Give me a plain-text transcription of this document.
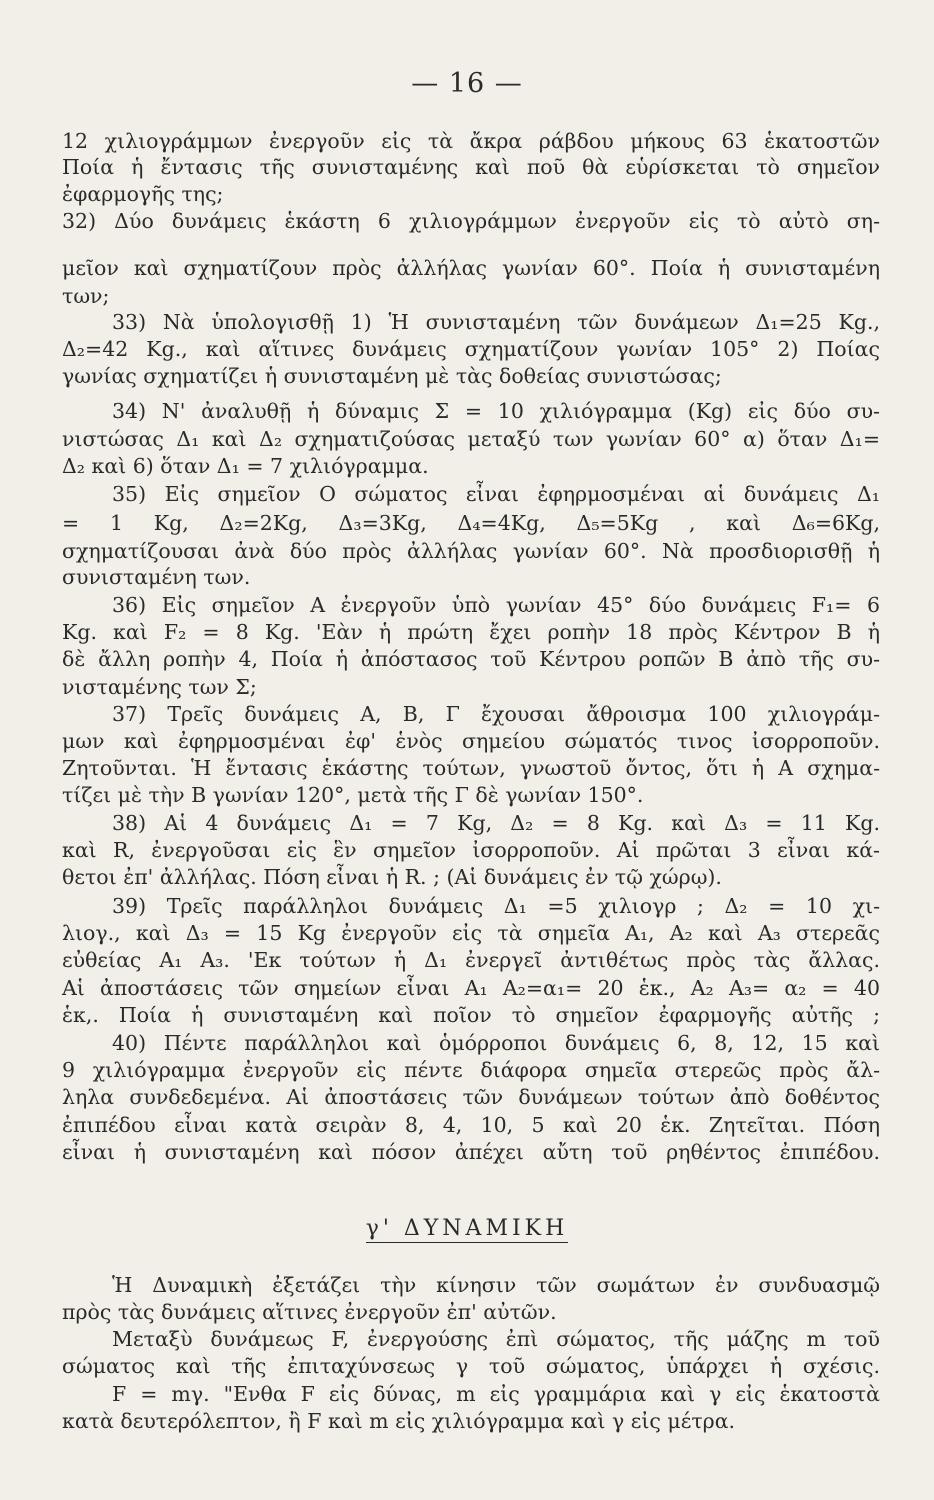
— 16 —
12 χιλιογράμμων ἐνεργοῦν εἰς τὰ ἄκρα ράβδου μήκους 63 ἑκατοστῶν
Ποία ἡ ἔντασις τῆς συνισταμένης καὶ ποῦ θὰ εὑρίσκεται τὸ σημεῖον
ἐφαρμογῆς της;
32) Δύο δυνάμεις ἑκάστη 6 χιλιογράμμων ἐνεργοῦν εἰς τὸ αὐτὸ ση-
μεῖον καὶ σχηματίζουν πρὸς ἀλλήλας γωνίαν 60°. Ποία ἡ συνισταμένη
των;
33) Νὰ ὑπολογισθῇ 1) Ἡ συνισταμένη τῶν δυνάμεων Δ₁=25 Kg.,
Δ₂=42 Kg., καὶ αἵτινες δυνάμεις σχηματίζουν γωνίαν 105° 2) Ποίας
γωνίας σχηματίζει ἡ συνισταμένη μὲ τὰς δοθείας συνιστώσας;
34) Ν' ἀναλυθῇ ἡ δύναμις Σ = 10 χιλιόγραμμα (Kg) εἰς δύο συ-
νιστώσας Δ₁ καὶ Δ₂ σχηματιζούσας μεταξύ των γωνίαν 60° α) ὅταν Δ₁=
Δ₂ καὶ 6) ὅταν Δ₁ = 7 χιλιόγραμμα.
35) Εἰς σημεῖον Ο σώματος εἶναι ἐφηρμοσμέναι αἱ δυνάμεις Δ₁
= 1 Kg, Δ₂=2Kg, Δ₃=3Kg, Δ₄=4Kg, Δ₅=5Kg , καὶ Δ₆=6Kg,
σχηματίζουσαι ἀνὰ δύο πρὸς ἀλλήλας γωνίαν 60°. Νὰ προσδιορισθῇ ἡ
συνισταμένη των.
36) Εἰς σημεῖον Α ἐνεργοῦν ὑπὸ γωνίαν 45° δύο δυνάμεις F₁= 6
Kg. καὶ F₂ = 8 Kg. 'Εὰν ἡ πρώτη ἔχει ροπὴν 18 πρὸς Κέντρον Β ἡ
δὲ ἄλλη ροπὴν 4, Ποία ἡ ἀπόστασος τοῦ Κέντρου ροπῶν Β ἀπὸ τῆς συ-
νισταμένης των Σ;
37) Τρεῖς δυνάμεις Α, Β, Γ ἔχουσαι ἄθροισμα 100 χιλιογράμ-
μων καὶ ἐφηρμοσμέναι ἐφ' ἑνὸς σημείου σώματός τινος ἰσορροποῦν.
Ζητοῦνται. Ἡ ἔντασις ἑκάστης τούτων, γνωστοῦ ὄντος, ὅτι ἡ Α σχημα-
τίζει μὲ τὴν Β γωνίαν 120°, μετὰ τῆς Γ δὲ γωνίαν 150°.
38) Αἱ 4 δυνάμεις Δ₁ = 7 Kg, Δ₂ = 8 Kg. καὶ Δ₃ = 11 Kg.
καὶ R, ἐνεργοῦσαι εἰς ἓν σημεῖον ἰσορροποῦν. Αἱ πρῶται 3 εἶναι κά-
θετοι ἐπ' ἀλλήλας. Πόση εἶναι ἡ R. ; (Αἱ δυνάμεις ἐν τῷ χώρῳ).
39) Τρεῖς παράλληλοι δυνάμεις Δ₁ =5 χιλιογρ ; Δ₂ = 10 χι-
λιογ., καὶ Δ₃ = 15 Kg ἐνεργοῦν εἰς τὰ σημεῖα Α₁, Α₂ καὶ Α₃ στερεᾶς
εὐθείας Α₁ Α₃. 'Εκ τούτων ἡ Δ₁ ἐνεργεῖ ἀντιθέτως πρὸς τὰς ἄλλας.
Αἱ ἀποστάσεις τῶν σημείων εἶναι Α₁ Α₂=α₁= 20 ἑκ., Α₂ Α₃= α₂ = 40
ἑκ,. Ποία ἡ συνισταμένη καὶ ποῖον τὸ σημεῖον ἐφαρμογῆς αὐτῆς ;
40) Πέντε παράλληλοι καὶ ὁμόρροποι δυνάμεις 6, 8, 12, 15 καὶ
9 χιλιόγραμμα ἐνεργοῦν εἰς πέντε διάφορα σημεῖα στερεῶς πρὸς ἄλ-
ληλα συνδεδεμένα. Αἱ ἀποστάσεις τῶν δυνάμεων τούτων ἀπὸ δοθέντος
ἐπιπέδου εἶναι κατὰ σειρὰν 8, 4, 10, 5 καὶ 20 ἑκ. Ζητεῖται. Πόση
εἶναι ἡ συνισταμένη καὶ πόσον ἀπέχει αὔτη τοῦ ρηθέντος ἐπιπέδου.
γ' ΔΥΝΑΜΙΚΗ
Ἡ Δυναμικὴ ἐξετάζει τὴν κίνησιν τῶν σωμάτων ἐν συνδυασμῷ
πρὸς τὰς δυνάμεις αἵτινες ἐνεργοῦν ἐπ' αὐτῶν.
Μεταξὺ δυνάμεως F, ἐνεργούσης ἐπὶ σώματος, τῆς μάζης m τοῦ
σώματος καὶ τῆς ἐπιταχύνσεως γ τοῦ σώματος, ὑπάρχει ἡ σχέσις.
F = mγ. "Ενθα F εἰς δύνας, m εἰς γραμμάρια καὶ γ εἰς ἑκατοστὰ
κατὰ δευτερόλεπτον, ἢ F καὶ m εἰς χιλιόγραμμα καὶ γ εἰς μέτρα.
